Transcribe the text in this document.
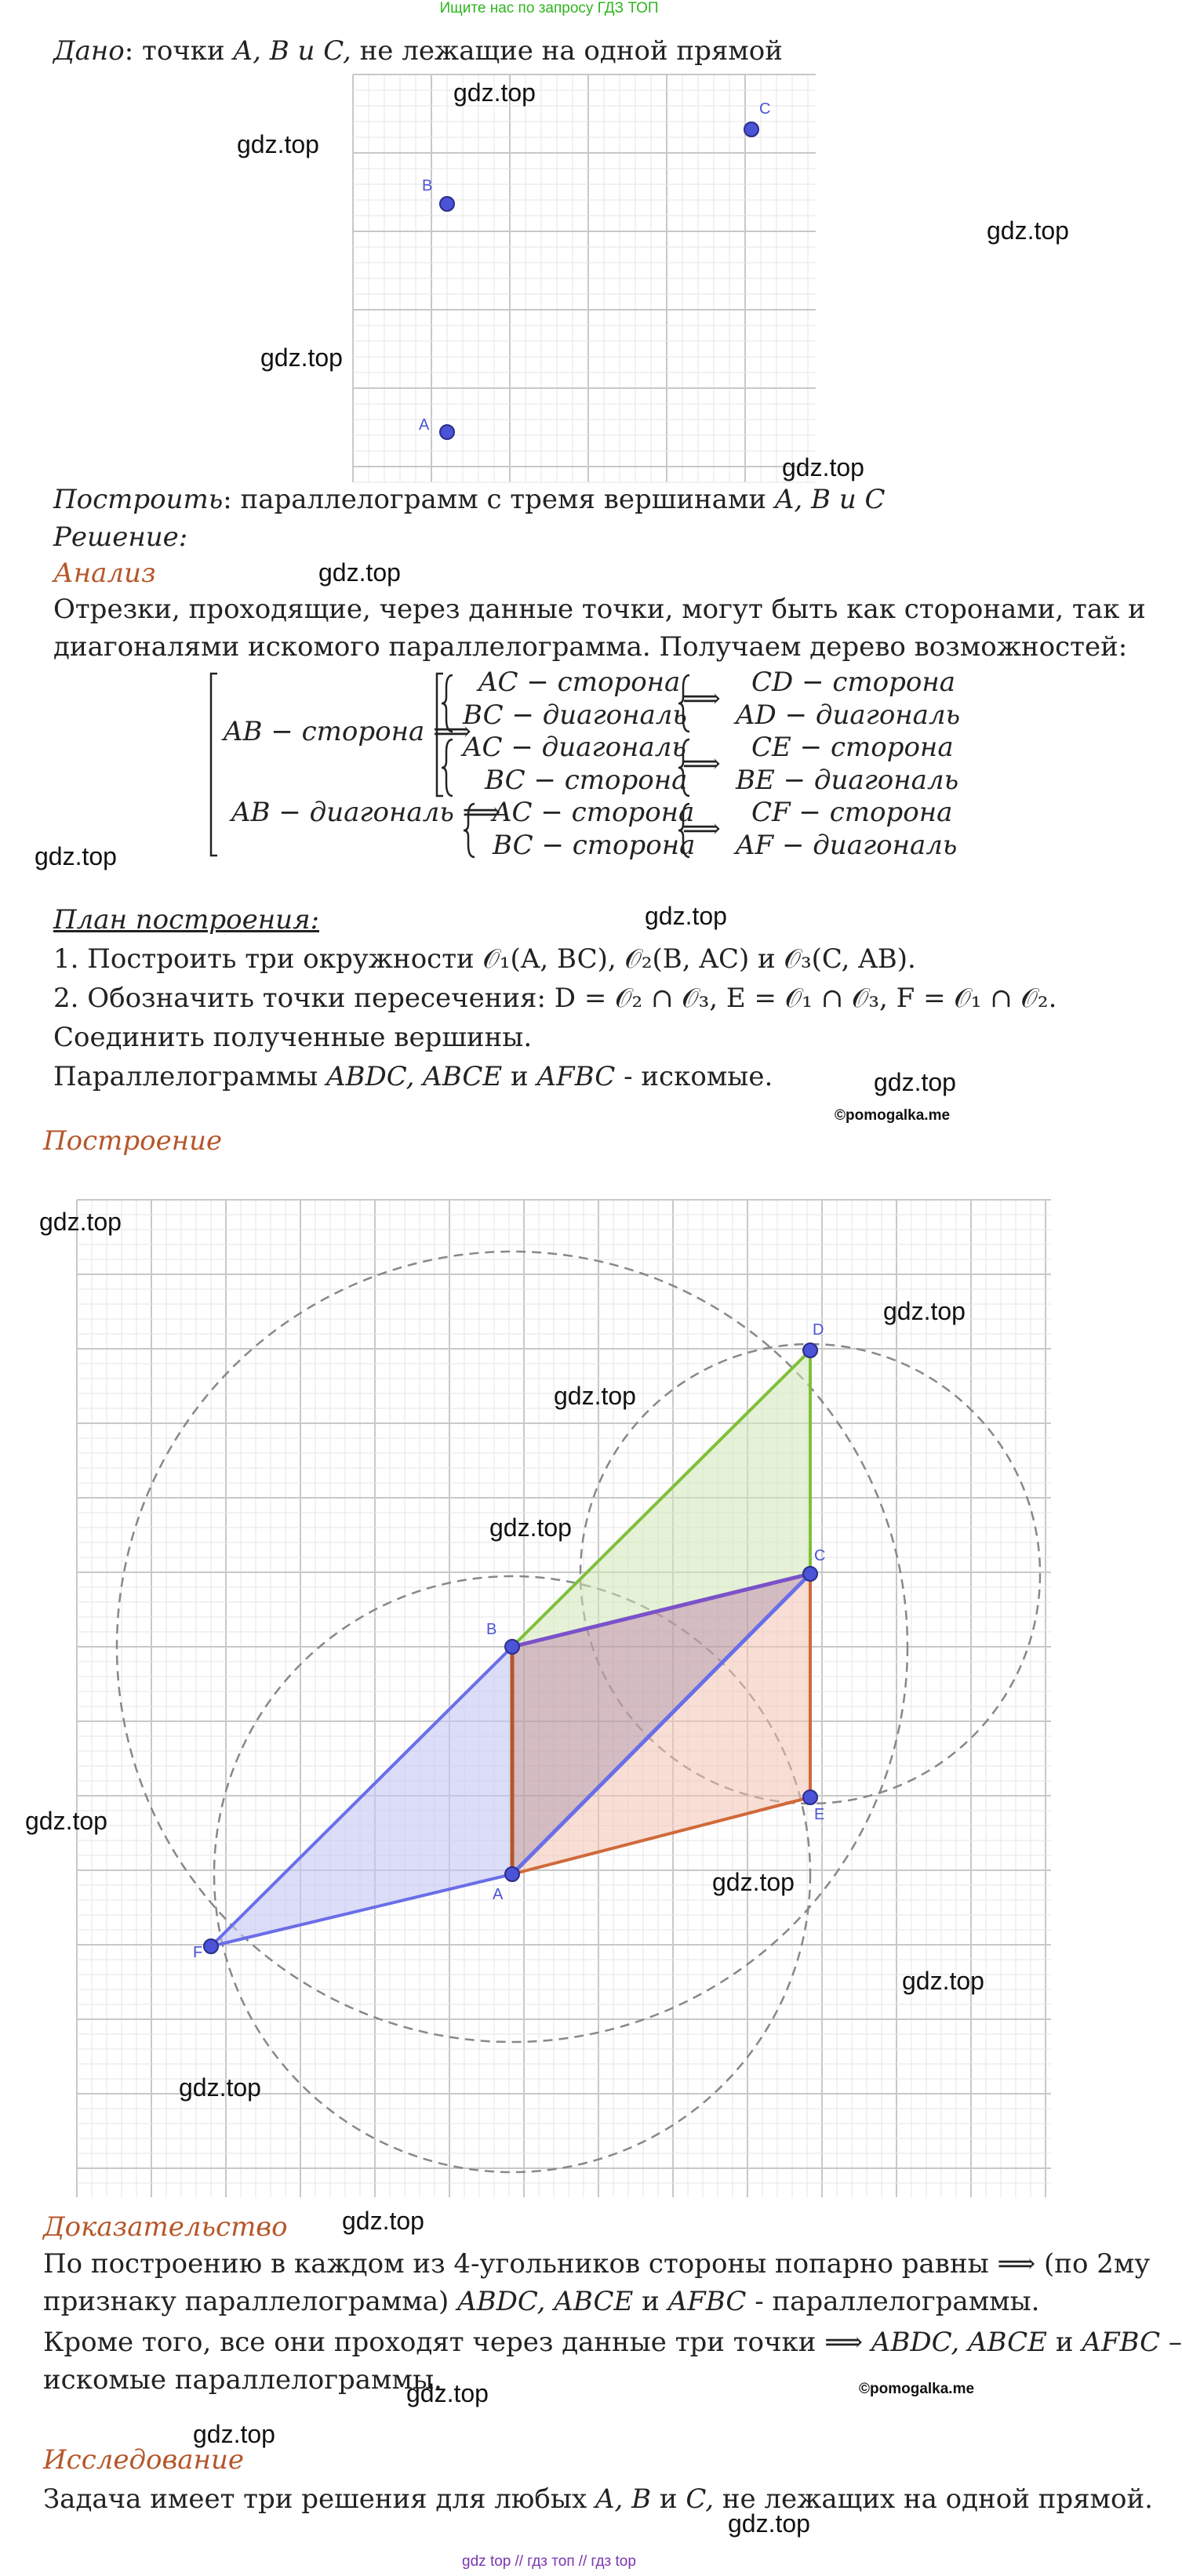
Ищите нас по запросу ГДЗ ТОП
Дано: точки A, B и C, не лежащие на одной прямой
A
B
C
Построить: параллелограмм с тремя вершинами A, B и C
Решение:
Анализ
Отрезки, проходящие, через данные точки, могут быть как сторонами, так и
диагоналями искомого параллелограмма. Получаем дерево возможностей:
AB − сторона ⟹
AB − диагональ ⟹
AC − сторона
BC − диагональ
AC − диагональ
BC − сторона
AC − сторона
BC − сторона
⟹
⟹
⟹
CD − сторона
AD − диагональ
CE − сторона
BE − диагональ
CF − сторона
AF − диагональ
План построения:
1. Построить три окружности 𝒪₁(A, BC), 𝒪₂(B, AC) и 𝒪₃(C, AB).
2. Обозначить точки пересечения: D = 𝒪₂ ∩ 𝒪₃, E = 𝒪₁ ∩ 𝒪₃, F = 𝒪₁ ∩ 𝒪₂.
Соединить полученные вершины.
Параллелограммы ABDC, ABCE и AFBC - искомые.
©pomogalka.me
Построение
A
B
C
D
E
F
Доказательство
По построению в каждом из 4-угольников стороны попарно равны ⟹ (по 2му
признаку параллелограмма) ABDC, ABCE и AFBC - параллелограммы.
Кроме того, все они проходят через данные три точки ⟹ ABDC, ABCE и AFBC –
искомые параллелограммы.	©pomogalka.me
Исследование
Задача имеет три решения для любых A, B и C, не лежащих на одной прямой.
gdz.top
gdz.top
gdz.top
gdz.top
gdz.top
gdz.top
gdz.top
gdz.top
gdz.top
gdz.top
gdz.top
gdz.top
gdz.top
gdz.top
gdz.top
gdz.top
gdz.top
gdz.top
gdz.top
gdz.top
gdz.top
gdz top // гдз топ // гдз top
